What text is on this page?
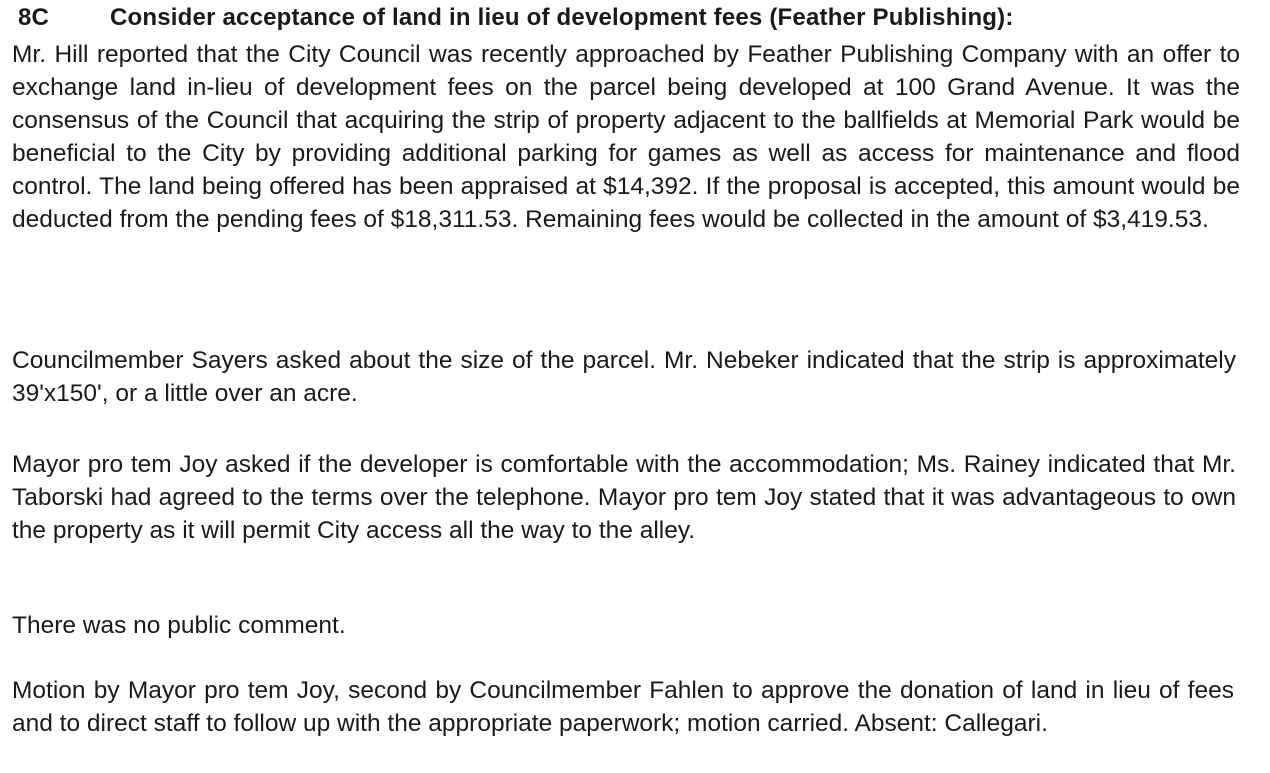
8C	Consider acceptance of land in lieu of development fees (Feather Publishing):
Mr. Hill reported that the City Council was recently approached by Feather Publishing Company with an offer to exchange land in-lieu of development fees on the parcel being developed at 100 Grand Avenue. It was the consensus of the Council that acquiring the strip of property adjacent to the ballfields at Memorial Park would be beneficial to the City by providing additional parking for games as well as access for maintenance and flood control. The land being offered has been appraised at $14,392. If the proposal is accepted, this amount would be deducted from the pending fees of $18,311.53. Remaining fees would be collected in the amount of $3,419.53.
Councilmember Sayers asked about the size of the parcel. Mr. Nebeker indicated that the strip is approximately 39'x150', or a little over an acre.
Mayor pro tem Joy asked if the developer is comfortable with the accommodation; Ms. Rainey indicated that Mr. Taborski had agreed to the terms over the telephone. Mayor pro tem Joy stated that it was advantageous to own the property as it will permit City access all the way to the alley.
There was no public comment.
Motion by Mayor pro tem Joy, second by Councilmember Fahlen to approve the donation of land in lieu of fees and to direct staff to follow up with the appropriate paperwork; motion carried. Absent: Callegari.
